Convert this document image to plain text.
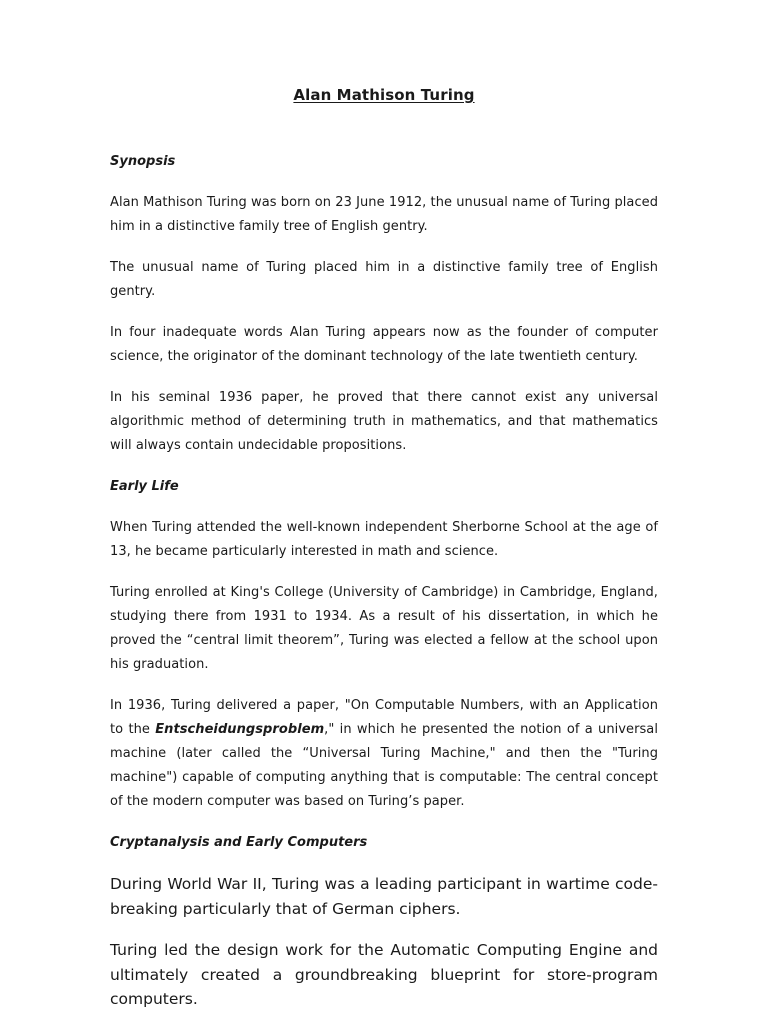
Alan Mathison Turing
Synopsis

Alan Mathison Turing was born on 23 June 1912, the unusual name of Turing placed him in a distinctive family tree of English gentry.

The unusual name of Turing placed him in a distinctive family tree of English gentry.

In four inadequate words Alan Turing appears now as the founder of computer science, the originator of the dominant technology of the late twentieth century.

In his seminal 1936 paper, he proved that there cannot exist any universal algorithmic method of determining truth in mathematics, and that mathematics will always contain undecidable propositions.

Early Life

When Turing attended the well-known independent Sherborne School at the age of 13, he became particularly interested in math and science.

Turing enrolled at King's College (University of Cambridge) in Cambridge, England, studying there from 1931 to 1934. As a result of his dissertation, in which he proved the “central limit theorem”, Turing was elected a fellow at the school upon his graduation.

In 1936, Turing delivered a paper, "On Computable Numbers, with an Application to the Entscheidungsproblem," in which he presented the notion of a universal machine (later called the “Universal Turing Machine," and then the "Turing machine") capable of computing anything that is computable: The central concept of the modern computer was based on Turing’s paper.

Cryptanalysis and Early Computers

During World War II, Turing was a leading participant in wartime code-breaking particularly that of German ciphers.

Turing led the design work for the Automatic Computing Engine and ultimately created a groundbreaking blueprint for store-program computers.
